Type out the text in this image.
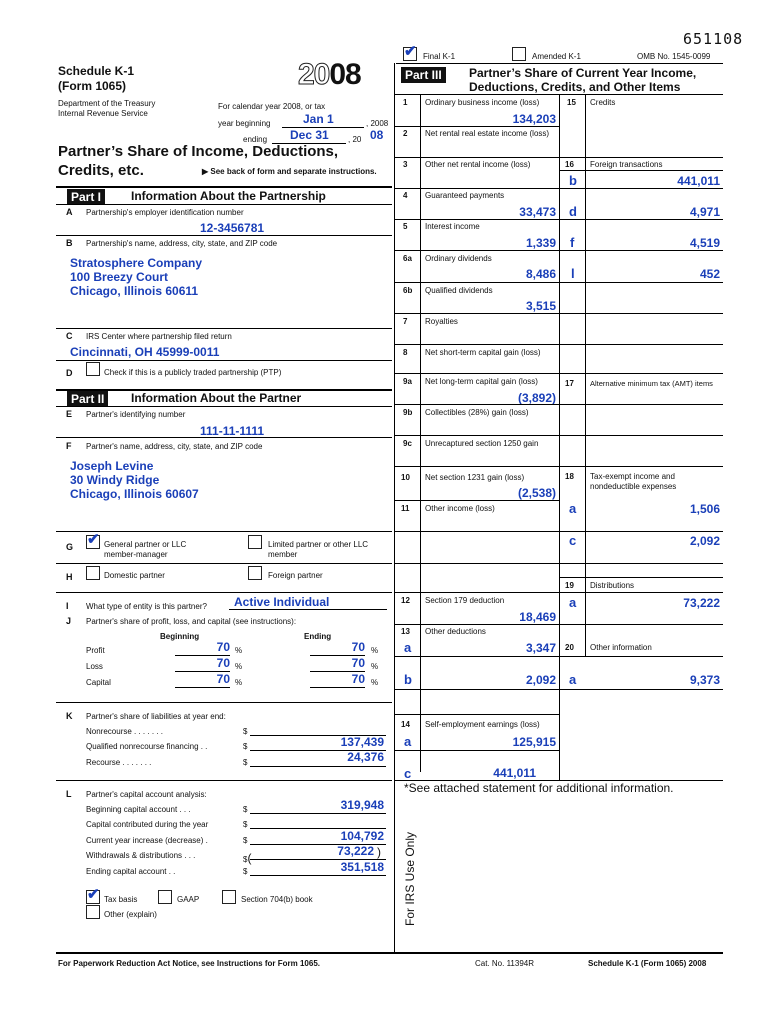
651108
✔ Final K-1	Amended K-1	OMB No. 1545-0099
Schedule K-1
(Form 1065)	2008
Department of the Treasury
Internal Revenue Service
For calendar year 2008, or tax
year beginning	Jan 1	, 2008
ending Dec 31 , 20 08
Partner’s Share of Income, Deductions,
Credits, etc.	▶ See back of form and separate instructions.
Part I	Information About the Partnership
A Partnership's employer identification number
12-3456781
B Partnership's name, address, city, state, and ZIP code
Stratosphere Company
100 Breezy Court
Chicago, Illinois 60611
C IRS Center where partnership filed return
Cincinnati, OH 45999-0011
D	Check if this is a publicly traded partnership (PTP)
Part II	Information About the Partner
E Partner's identifying number
111-11-1111
F Partner's name, address, city, state, and ZIP code
Joseph Levine
30 Windy Ridge
Chicago, Illinois 60607
G ✔ General partner or LLC
member-manager
Limited partner or other LLC
member
H	Domestic partner	Foreign partner
I What type of entity is this partner? Active Individual
J Partner's share of profit, loss, and capital (see instructions):
Beginning	Ending
Profit	70 %	70 %
Loss	70 %	70 %
Capital	70 %	70 %
K Partner's share of liabilities at year end:
Nonrecourse . . . . . . .	$
Qualified nonrecourse financing . .	$	137,439
Recourse . . . . . . .	$	24,376
L Partner's capital account analysis:
Beginning capital account . . .	$	319,948
Capital contributed during the year	$
Current year increase (decrease) .	$	104,792
Withdrawals & distributions . . .	$(	73,222 )
Ending capital account . .	$	351,518
✔ Tax basis	GAAP	Section 704(b) book
Other (explain)
Part III	Partner’s Share of Current Year Income,
Deductions, Credits, and Other Items
1 Ordinary business income (loss)
134,203
2 Net rental real estate income (loss)
3 Other net rental income (loss)
4 Guaranteed payments
33,473
5 Interest income
1,339
6a Ordinary dividends
8,486
6b Qualified dividends
3,515
7 Royalties
8 Net short-term capital gain (loss)
9a Net long-term capital gain (loss)
(3,892)
9b Collectibles (28%) gain (loss)
9c Unrecaptured section 1250 gain
10 Net section 1231 gain (loss)
(2,538)
11 Other income (loss)
12 Section 179 deduction
18,469
13 Other deductions
a	3,347
b	2,092
14 Self-employment earnings (loss)
a	125,915
c	441,011
*See attached statement for additional information.
15 Credits
16 Foreign transactions
b	441,011
d	4,971
f	4,519
l	452
17 Alternative minimum tax (AMT) items
18 Tax-exempt income and
nondeductible expenses
a	1,506
c	2,092
19 Distributions
a	73,222
20 Other information
a	9,373
For IRS Use Only
For Paperwork Reduction Act Notice, see Instructions for Form 1065.	Cat. No. 11394R	Schedule K-1 (Form 1065) 2008
